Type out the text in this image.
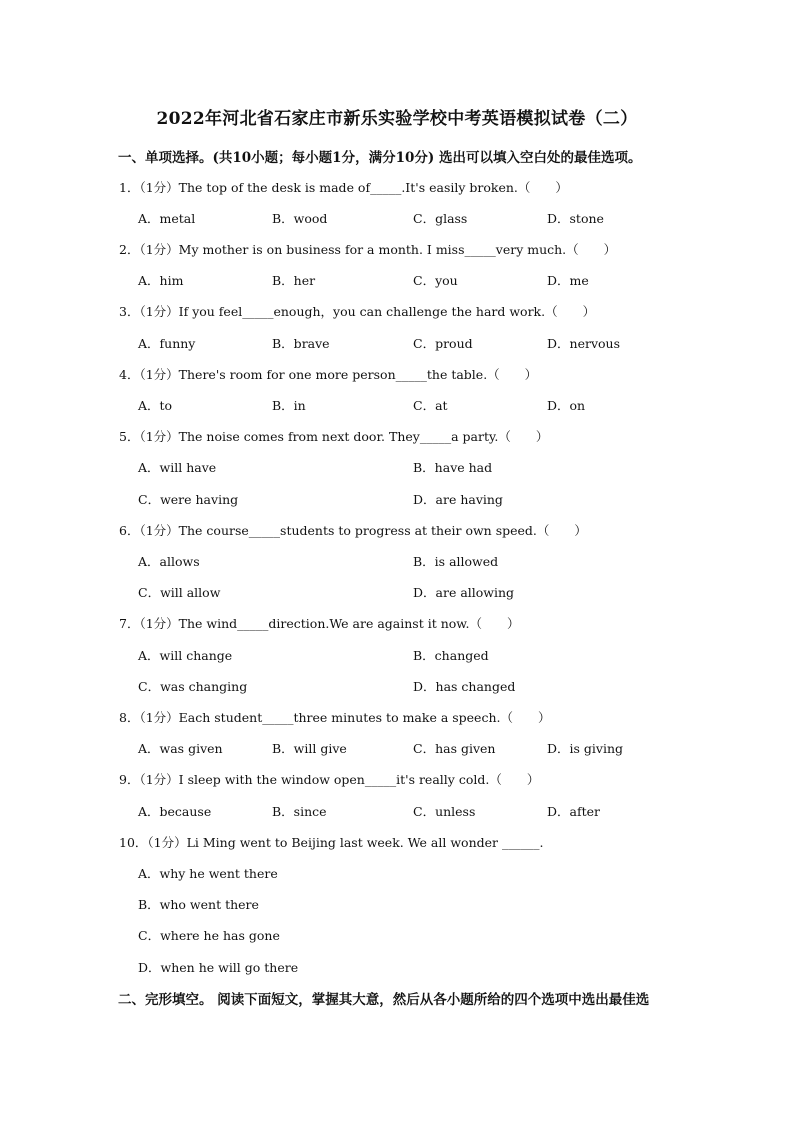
2022年河北省石家庄市新乐实验学校中考英语模拟试卷（二）
一、单项选择。(共10小题；每小题1分，满分10分) 选出可以填入空白处的最佳选项。
1．（1分）The top of the desk is made of_____.It's easily broken.（　　）
A．metal	B．wood	C．glass	D．stone
2．（1分）My mother is on business for a month. I miss_____very much.（　　）
A．him	B．her	C．you	D．me
3．（1分）If you feel_____enough，you can challenge the hard work.（　　）
A．funny	B．brave	C．proud	D．nervous
4．（1分）There's room for one more person_____the table.（　　）
A．to	B．in	C．at	D．on
5．（1分）The noise comes from next door. They_____a party.（　　）
A．will have	B．have had
C．were having	D．are having
6．（1分）The course_____students to progress at their own speed.（　　）
A．allows	B．is allowed
C．will allow	D．are allowing
7．（1分）The wind_____direction.We are against it now.（　　）
A．will change	B．changed
C．was changing	D．has changed
8．（1分）Each student_____three minutes to make a speech.（　　）
A．was given	B．will give	C．has given	D．is giving
9．（1分）I sleep with the window open_____it's really cold.（　　）
A．because	B．since	C．unless	D．after
10．（1分）Li Ming went to Beijing last week. We all wonder ______.
A．why he went there
B．who went there
C．where he has gone
D．when he will go there
二、完形填空。 阅读下面短文，掌握其大意，然后从各小题所给的四个选项中选出最佳选
